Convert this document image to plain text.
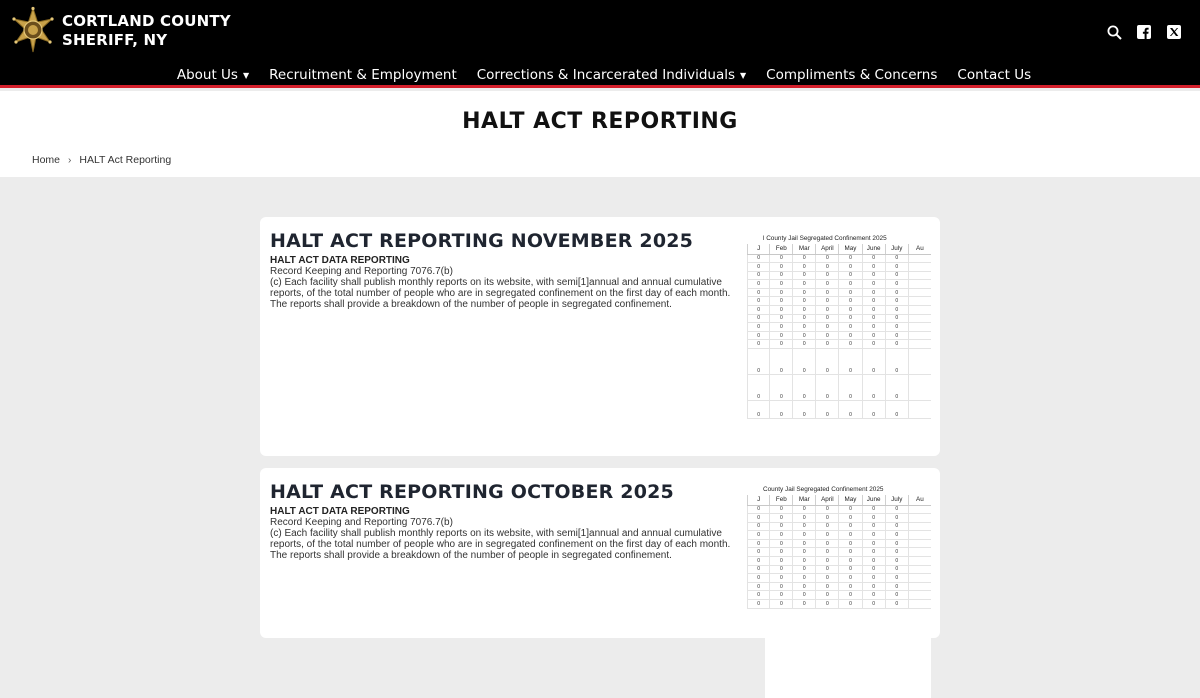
CORTLAND COUNTY
SHERIFF, NY
About Us ▼ Recruitment & Employment Corrections & Incarcerated Individuals ▼ Compliments & Concerns Contact Us
HALT ACT REPORTING
Home › HALT Act Reporting
HALT ACT REPORTING NOVEMBER 2025
HALT ACT DATA REPORTING
Record Keeping and Reporting 7076.7(b)
(c) Each facility shall publish monthly reports on its website, with semi[1]annual and annual cumulative
reports, of the total number of people who are in segregated confinement on the first day of each month.
The reports shall provide a breakdown of the number of people in segregated confinement.
l County Jail Segregated Confinement 2025
J	Feb	Mar	April	May	June	July	Au
0	0	0	0	0	0	0	
0	0	0	0	0	0	0	
0	0	0	0	0	0	0	
0	0	0	0	0	0	0	
0	0	0	0	0	0	0	
0	0	0	0	0	0	0	
0	0	0	0	0	0	0	
0	0	0	0	0	0	0	
0	0	0	0	0	0	0	
0	0	0	0	0	0	0	
0	0	0	0	0	0	0	
0	0	0	0	0	0	0	
0	0	0	0	0	0	0	
0	0	0	0	0	0	0	
HALT ACT REPORTING OCTOBER 2025
HALT ACT DATA REPORTING
Record Keeping and Reporting 7076.7(b)
(c) Each facility shall publish monthly reports on its website, with semi[1]annual and annual cumulative
reports, of the total number of people who are in segregated confinement on the first day of each month.
The reports shall provide a breakdown of the number of people in segregated confinement.
County Jail Segregated Confinement 2025
J	Feb	Mar	April	May	June	July	Au
0	0	0	0	0	0	0	
0	0	0	0	0	0	0	
0	0	0	0	0	0	0	
0	0	0	0	0	0	0	
0	0	0	0	0	0	0	
0	0	0	0	0	0	0	
0	0	0	0	0	0	0	
0	0	0	0	0	0	0	
0	0	0	0	0	0	0	
0	0	0	0	0	0	0	
0	0	0	0	0	0	0	
0	0	0	0	0	0	0	
